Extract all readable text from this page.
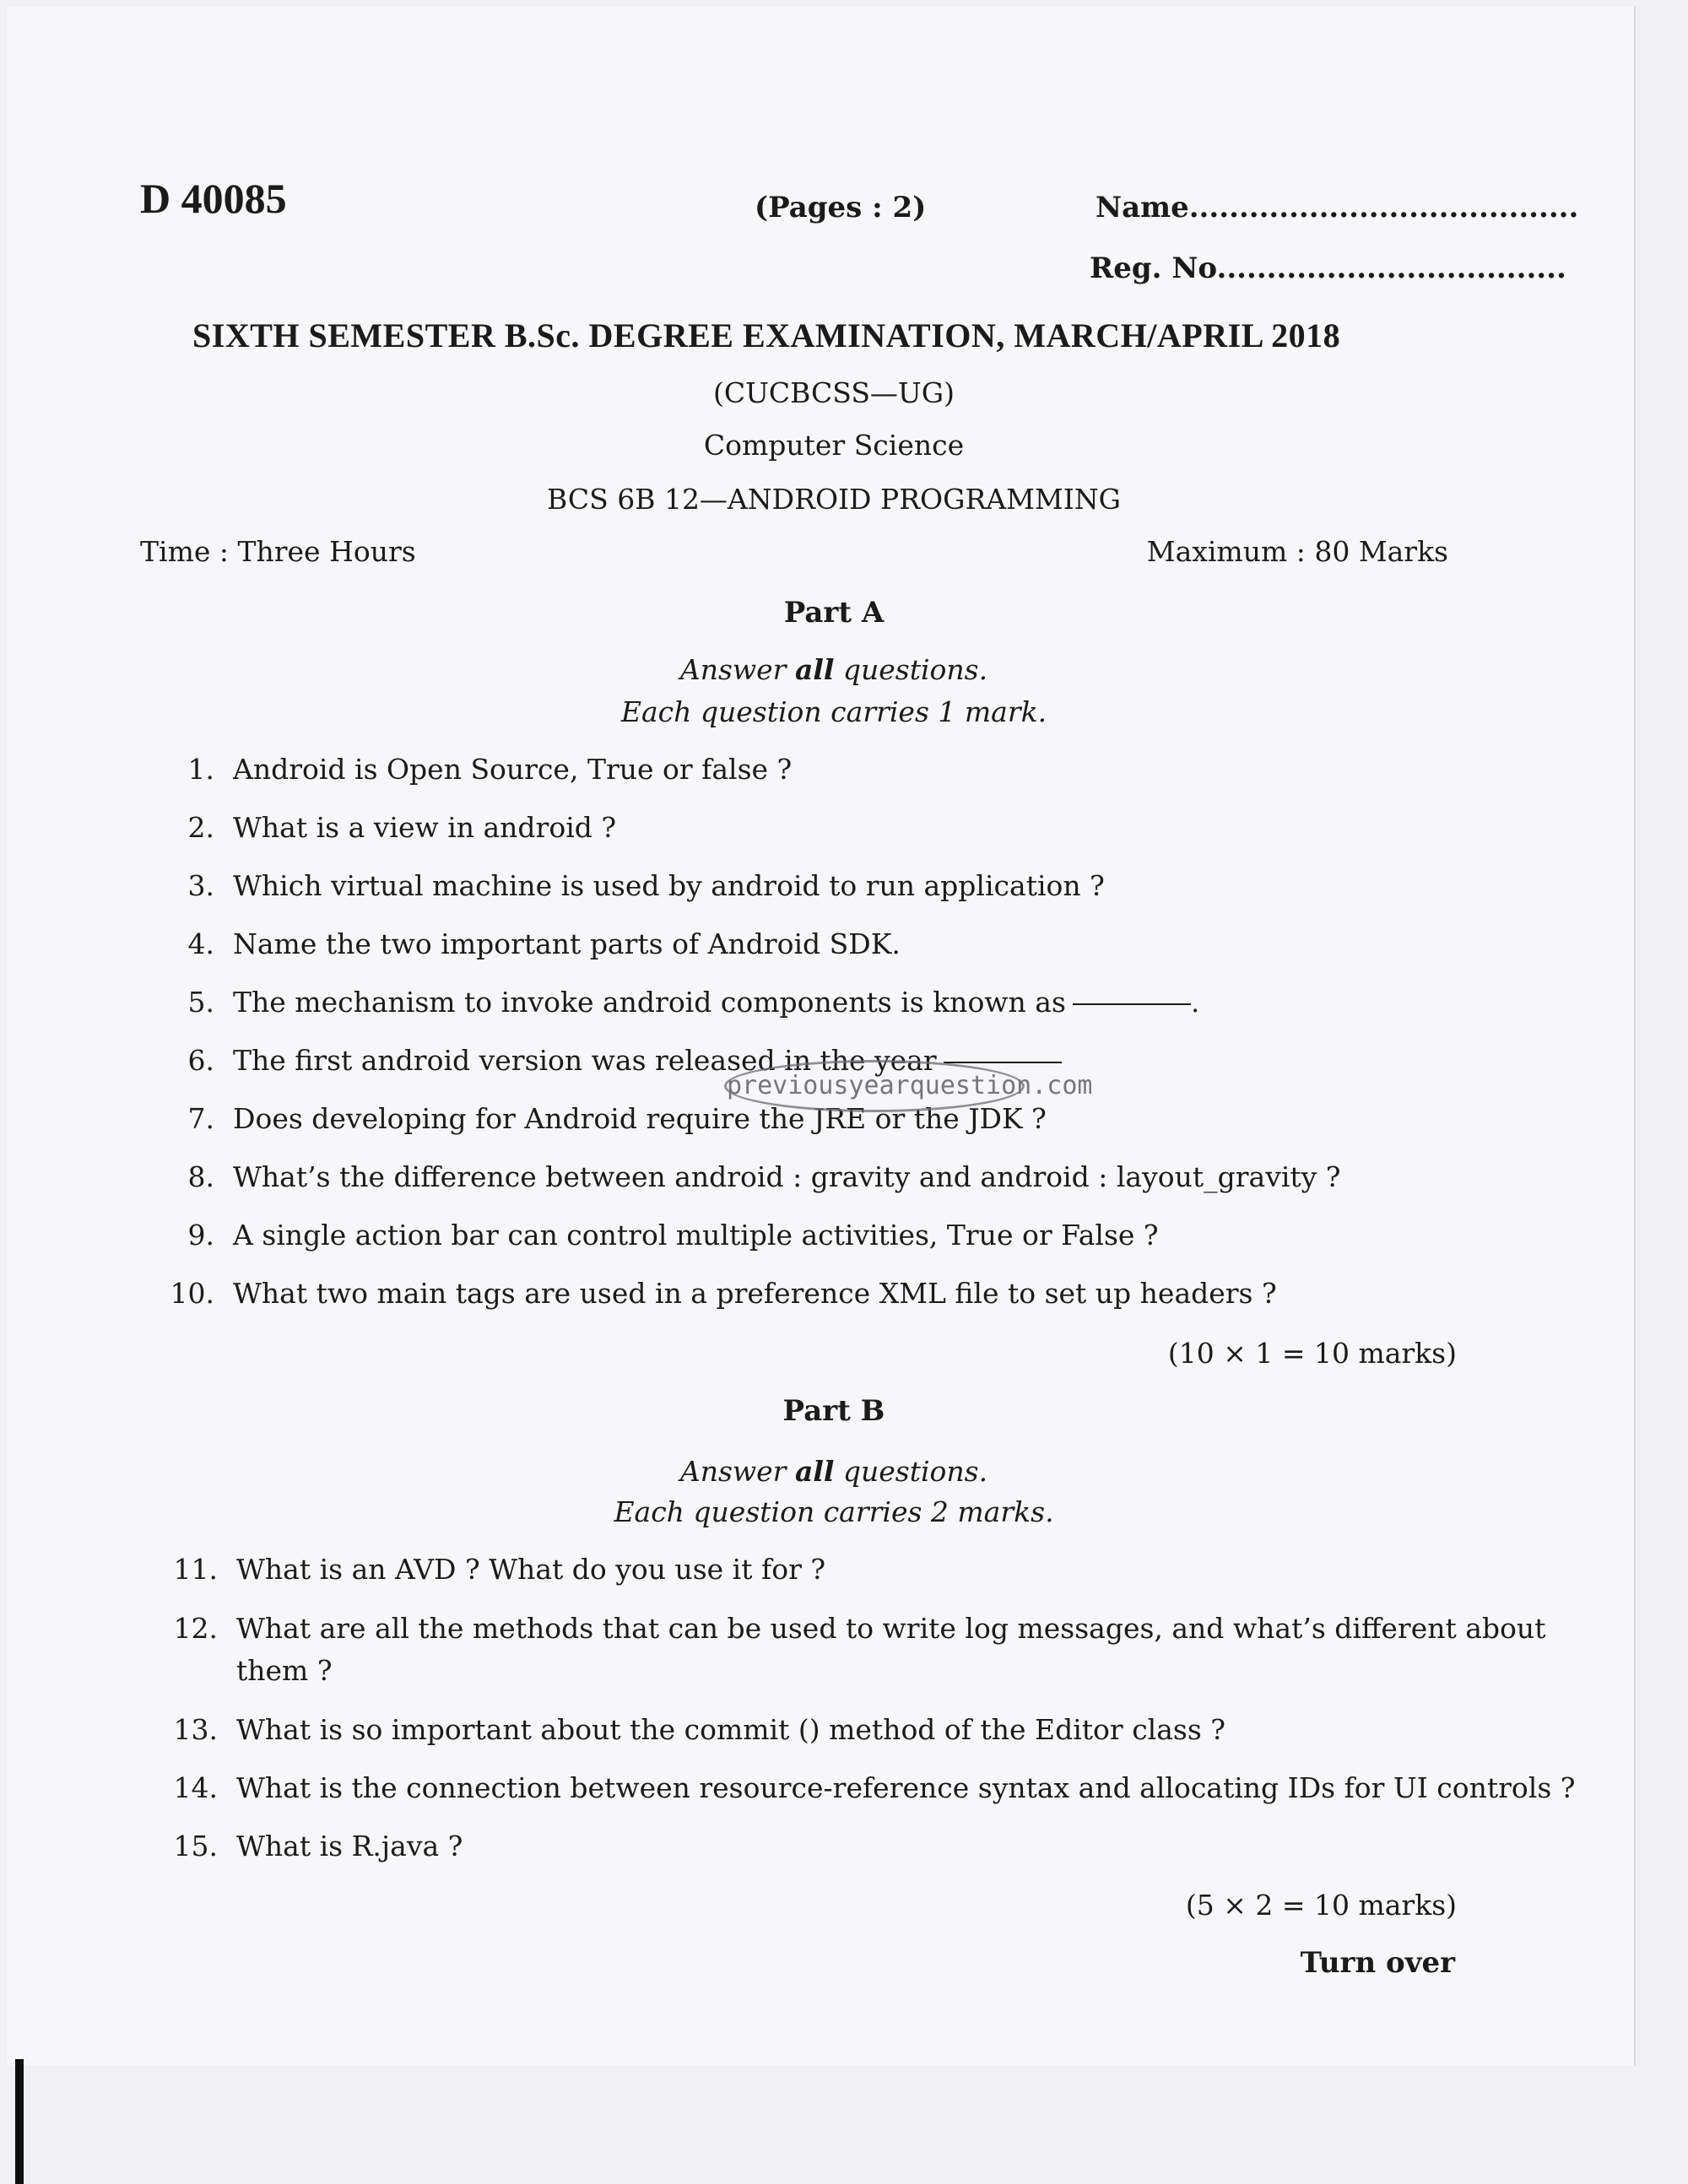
D 40085	(Pages : 2)	Name.......................................
Reg. No...................................
SIXTH SEMESTER B.Sc. DEGREE EXAMINATION, MARCH/APRIL 2018
(CUCBCSS—UG)
Computer Science
BCS 6B 12—ANDROID PROGRAMMING
Time : Three Hours	Maximum : 80 Marks
Part A
Answer all questions.
Each question carries 1 mark.
1. Android is Open Source, True or false ?
2. What is a view in android ?
3. Which virtual machine is used by android to run application ?
4. Name the two important parts of Android SDK.
5. The mechanism to invoke android components is known as	.
6. The first android version was released in the year
7. Does developing for Android require the JRE or the JDK ?
8. What’s the difference between android : gravity and android : layout_gravity ?
9. A single action bar can control multiple activities, True or False ?
10. What two main tags are used in a preference XML file to set up headers ?
(10 × 1 = 10 marks)
previousyearquestion.com
Part B
Answer all questions.
Each question carries 2 marks.
11. What is an AVD ? What do you use it for ?
12. What are all the methods that can be used to write log messages, and what’s different about
them ?
13. What is so important about the commit () method of the Editor class ?
14. What is the connection between resource-reference syntax and allocating IDs for UI controls ?
15. What is R.java ?
(5 × 2 = 10 marks)
Turn over
